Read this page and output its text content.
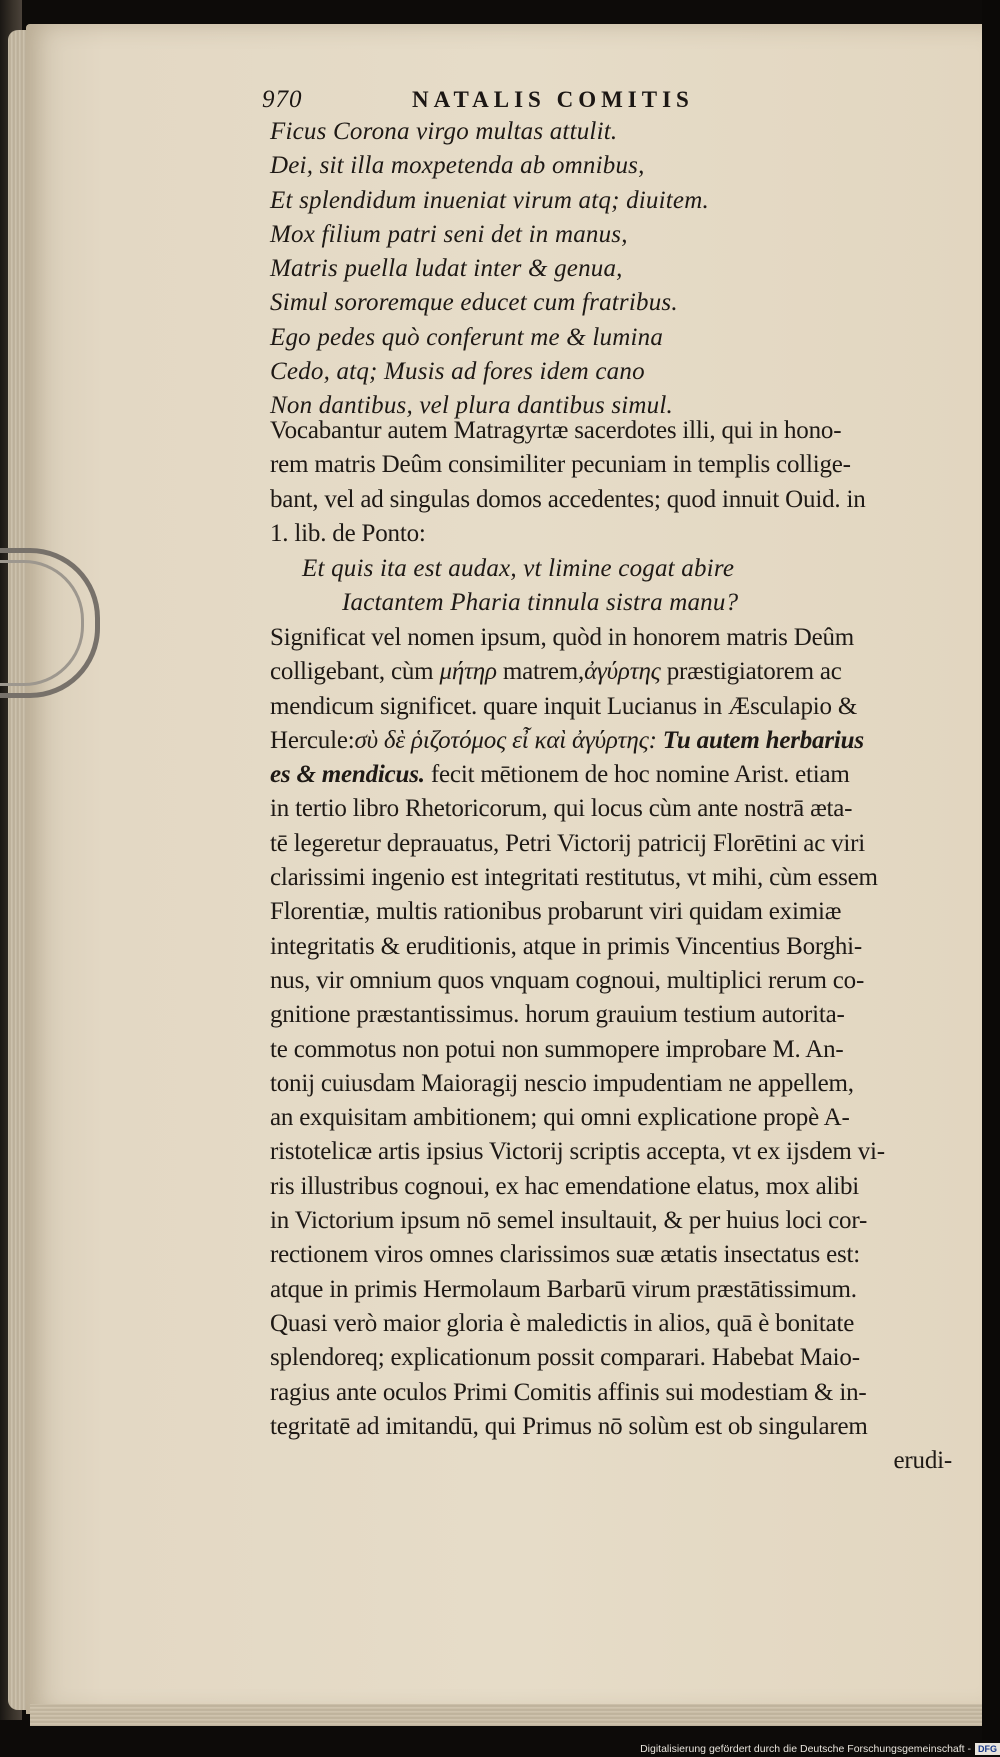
970	NATALIS COMITIS
Ficus Corona virgo multas attulit.
Dei, sit illa moxpetenda ab omnibus,
Et splendidum inueniat virum atq; diuitem.
Mox filium patri seni det in manus,
Matris puella ludat inter & genua,
Simul sororemque educet cum fratribus.
Ego pedes quò conferunt me & lumina
Cedo, atq; Musis ad fores idem cano
Non dantibus, vel plura dantibus simul.
Vocabantur autem Matragyrtæ sacerdotes illi, qui in hono-
rem matris Deûm consimiliter pecuniam in templis collige-
bant, vel ad singulas domos accedentes; quod innuit Ouid. in
1. lib. de Ponto:
Et quis ita est audax, vt limine cogat abire
Iactantem Pharia tinnula sistra manu?
Significat vel nomen ipsum, quòd in honorem matris Deûm
colligebant, cùm μήτηρ matrem,ἀγύρτης præstigiatorem ac
mendicum significet. quare inquit Lucianus in Æsculapio &
Hercule:σὺ δὲ ῥιζοτόμος εἶ καὶ ἀγύρτης: Tu autem herbarius
es & mendicus. fecit mētionem de hoc nomine Arist. etiam
in tertio libro Rhetoricorum, qui locus cùm ante nostrā æta-
tē legeretur deprauatus, Petri Victorij patricij Florētini ac viri
clarissimi ingenio est integritati restitutus, vt mihi, cùm essem
Florentiæ, multis rationibus probarunt viri quidam eximiæ
integritatis & eruditionis, atque in primis Vincentius Borghi-
nus, vir omnium quos vnquam cognoui, multiplici rerum co-
gnitione præstantissimus. horum grauium testium autorita-
te commotus non potui non summopere improbare M. An-
tonij cuiusdam Maioragij nescio impudentiam ne appellem,
an exquisitam ambitionem; qui omni explicatione propè A-
ristotelicæ artis ipsius Victorij scriptis accepta, vt ex ijsdem vi-
ris illustribus cognoui, ex hac emendatione elatus, mox alibi
in Victorium ipsum nō semel insultauit, & per huius loci cor-
rectionem viros omnes clarissimos suæ ætatis insectatus est:
atque in primis Hermolaum Barbarū virum præstātissimum.
Quasi verò maior gloria è maledictis in alios, quā è bonitate
splendoreq; explicationum possit comparari. Habebat Maio-
ragius ante oculos Primi Comitis affinis sui modestiam & in-
tegritatē ad imitandū, qui Primus nō solùm est ob singularem
erudi-
Digitalisierung gefördert durch die Deutsche Forschungsgemeinschaft - DFG
